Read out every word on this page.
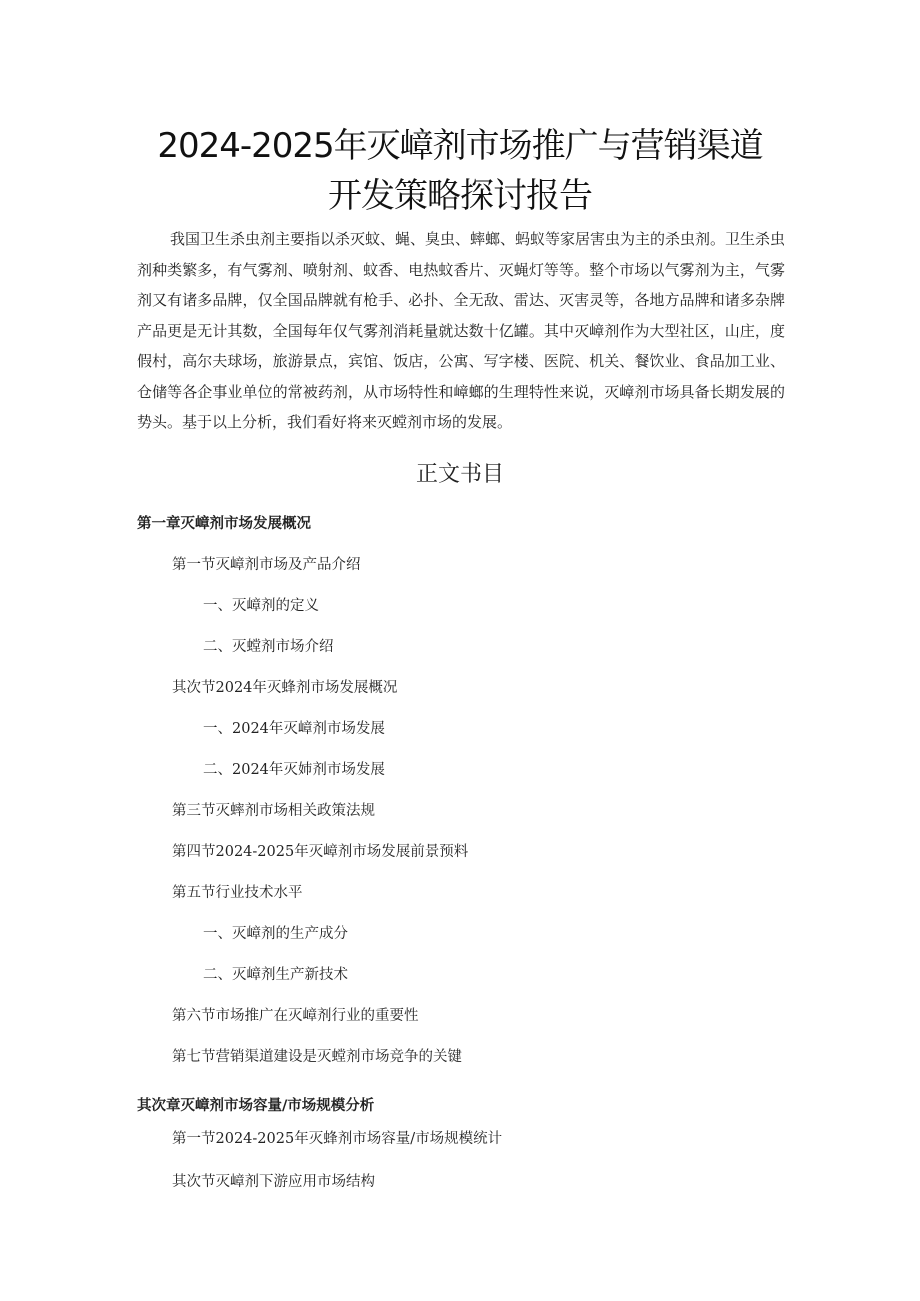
2024-2025年灭嶂剂市场推广与营销渠道
开发策略探讨报告

我国卫生杀虫剂主要指以杀灭蚊、蝇、臭虫、蟀螂、蚂蚁等家居害虫为主的杀虫剂。卫生杀虫剂种类繁多，有气雾剂、喷射剂、蚊香、电热蚊香片、灭蝇灯等等。整个市场以气雾剂为主，气雾剂又有诸多品牌，仅全国品牌就有枪手、必扑、全无敌、雷达、灭害灵等，各地方品牌和诸多杂牌产品更是无计其数，全国每年仅气雾剂消耗量就达数十亿罐。其中灭嶂剂作为大型社区，山庄，度假村，高尔夫球场，旅游景点，宾馆、饭店，公寓、写字楼、医院、机关、餐饮业、食品加工业、仓储等各企事业单位的常被药剂，从市场特性和嶂螂的生理特性来说，灭嶂剂市场具备长期发展的势头。基于以上分析，我们看好将来灭螳剂市场的发展。

正文书目
第一章灭嶂剂市场发展概况
第一节灭嶂剂市场及产品介绍
一、灭嶂剂的定义
二、灭螳剂市场介绍
其次节2024年灭蜂剂市场发展概况
一、2024年灭嶂剂市场发展
二、2024年灭姉剂市场发展
第三节灭蟀剂市场相关政策法规
第四节2024-2025年灭嶂剂市场发展前景预料
第五节行业技术水平
一、灭嶂剂的生产成分
二、灭嶂剂生产新技术
第六节市场推广在灭嶂剂行业的重要性
第七节营销渠道建设是灭螳剂市场竞争的关键
其次章灭嶂剂市场容量/市场规模分析
第一节2024-2025年灭蜂剂市场容量/市场规模统计
其次节灭嶂剂下游应用市场结构
